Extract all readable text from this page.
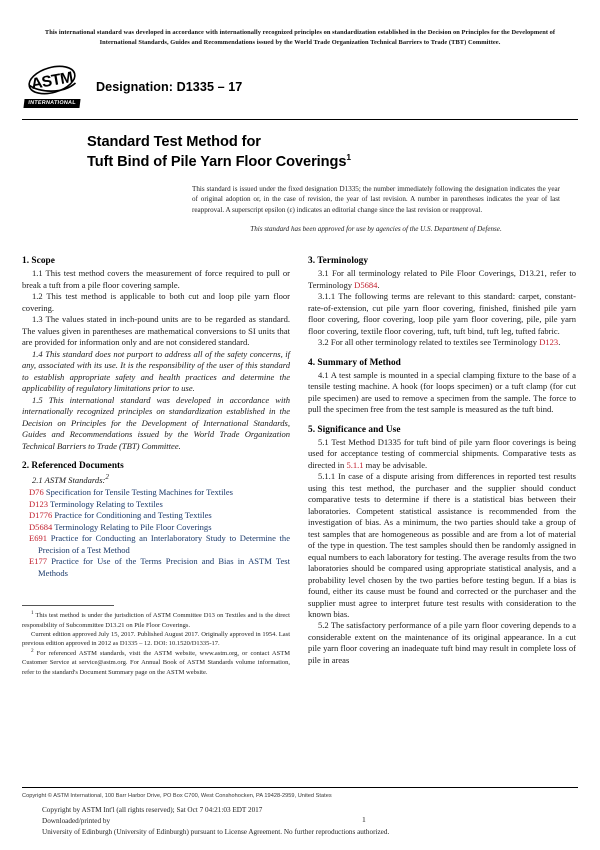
This international standard was developed in accordance with internationally recognized principles on standardization established in the Decision on Principles for the Development of International Standards, Guides and Recommendations issued by the World Trade Organization Technical Barriers to Trade (TBT) Committee.
ASTM
INTERNATIONAL
Designation: D1335 – 17
Standard Test Method for
Tuft Bind of Pile Yarn Floor Coverings$^1$
This standard is issued under the fixed designation D1335; the number immediately following the designation indicates the year of original adoption or, in the case of revision, the year of last revision. A number in parentheses indicates the year of last reapproval. A superscript epsilon (ε) indicates an editorial change since the last revision or reapproval.
This standard has been approved for use by agencies of the U.S. Department of Defense.
1. Scope

1.1 This test method covers the measurement of force required to pull or break a tuft from a pile floor covering sample.

1.2 This test method is applicable to both cut and loop pile yarn floor covering.

1.3 The values stated in inch-pound units are to be regarded as standard. The values given in parentheses are mathematical conversions to SI units that are provided for information only and are not considered standard.

1.4 This standard does not purport to address all of the safety concerns, if any, associated with its use. It is the responsibility of the user of this standard to establish appropriate safety and health practices and determine the applicability of regulatory limitations prior to use.

1.5 This international standard was developed in accordance with internationally recognized principles on standardization established in the Decision on Principles for the Development of International Standards, Guides and Recommendations issued by the World Trade Organization Technical Barriers to Trade (TBT) Committee.

2. Referenced Documents

2.1 ASTM Standards:$^2$

D76 Specification for Tensile Testing Machines for Textiles
D123 Terminology Relating to Textiles
D1776 Practice for Conditioning and Testing Textiles
D5684 Terminology Relating to Pile Floor Coverings
E691 Practice for Conducting an Interlaboratory Study to Determine the Precision of a Test Method
E177 Practice for Use of the Terms Precision and Bias in ASTM Test Methods

$^1$ This test method is under the jurisdiction of ASTM Committee D13 on Textiles and is the direct responsibility of Subcommittee D13.21 on Pile Floor Coverings.

Current edition approved July 15, 2017. Published August 2017. Originally approved in 1954. Last previous edition approved in 2012 as D1335 – 12. DOI: 10.1520/D1335-17.

$^2$ For referenced ASTM standards, visit the ASTM website, www.astm.org, or contact ASTM Customer Service at service@astm.org. For Annual Book of ASTM Standards volume information, refer to the standard's Document Summary page on the ASTM website.

3. Terminology

3.1 For all terminology related to Pile Floor Coverings, D13.21, refer to Terminology D5684.

3.1.1 The following terms are relevant to this standard: carpet, constant-rate-of-extension, cut pile yarn floor covering, finished, finished pile yarn floor covering, floor covering, loop pile yarn floor covering, pile, pile yarn floor covering, textile floor covering, tuft, tuft bind, tuft leg, tufted fabric.

3.2 For all other terminology related to textiles see Terminology D123.

4. Summary of Method

4.1 A test sample is mounted in a special clamping fixture to the base of a tensile testing machine. A hook (for loops specimen) or a tuft clamp (for cut pile specimen) are used to remove a specimen from the sample. The force to pull the specimen free from the test sample is measured as the tuft bind.

5. Significance and Use

5.1 Test Method D1335 for tuft bind of pile yarn floor coverings is being used for acceptance testing of commercial shipments. Comparative tests as directed in 5.1.1 may be advisable.

5.1.1 In case of a dispute arising from differences in reported test results using this test method, the purchaser and the supplier should conduct comparative tests to determine if there is a statistical bias between their laboratories. Competent statistical assistance is recommended from the investigation of bias. As a minimum, the two parties should take a group of test samples that are homogeneous as possible and are from a lot of material of the type in question. The test samples should then be randomly assigned in equal numbers to each laboratory for testing. The average results from the two laboratories should be compared using appropriate statistical analysis, and a probability level chosen by the two parties before testing begun. If a bias is found, either its cause must be found and corrected or the purchaser and the supplier must agree to interpret future test results with consideration to the known bias.

5.2 The satisfactory performance of a pile yarn floor covering depends to a considerable extent on the maintenance of its original appearance. In a cut pile yarn floor covering an inadequate tuft bind may result in complete loss of pile in areas

Copyright © ASTM International, 100 Barr Harbor Drive, PO Box C700, West Conshohocken, PA 19428-2959, United States
Copyright by ASTM Int'l (all rights reserved); Sat Oct 7 04:21:03 EDT 2017
Downloaded/printed by
University of Edinburgh (University of Edinburgh) pursuant to License Agreement. No further reproductions authorized.
1
